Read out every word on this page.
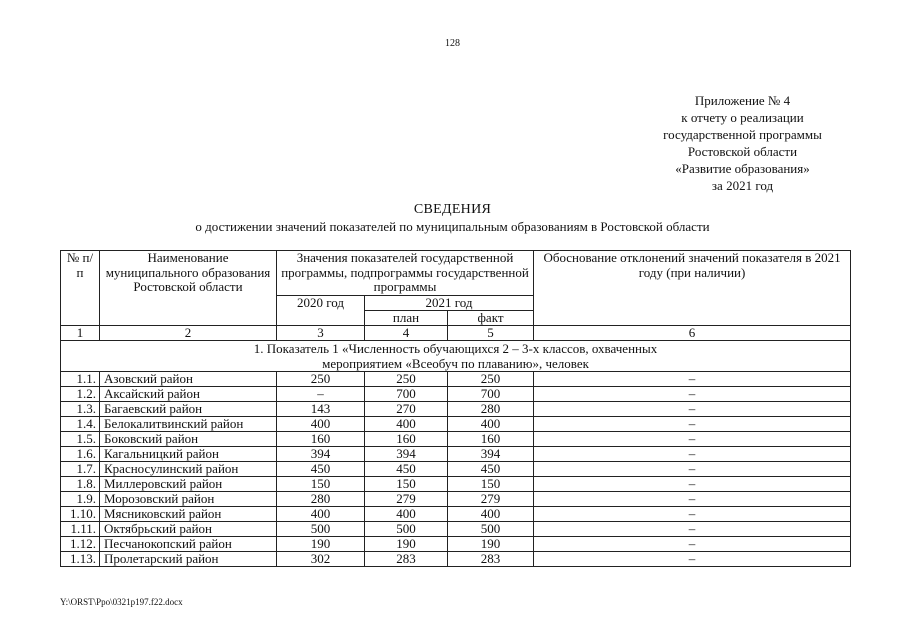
128
Приложение № 4
к отчету о реализации
государственной программы
Ростовской области
«Развитие образования»
за 2021 год
СВЕДЕНИЯ
о достижении значений показателей по муниципальным образованиям в Ростовской области
№ п/п	Наименование муниципального образования Ростовской области	Значения показателей государственной программы, подпрограммы государственной программы			Обоснование отклонений значений показателя в 2021 году (при наличии)
		2020 год	2021 год		
			план	факт	
1	2	3	4	5	6

1. Показатель 1 «Численность обучающихся 2 – 3-х классов, охваченных мероприятием «Всеобуч по плаванию», человек					

1.1.	Азовский район	250	250	250	–
1.2.	Аксайский район	–	700	700	–
1.3.	Багаевский район	143	270	280	–
1.4.	Белокалитвинский район	400	400	400	–
1.5.	Боковский район	160	160	160	–
1.6.	Кагальницкий район	394	394	394	–
1.7.	Красносулинский район	450	450	450	–
1.8.	Миллеровский район	150	150	150	–
1.9.	Морозовский район	280	279	279	–
1.10.	Мясниковский район	400	400	400	–
1.11.	Октябрьский район	500	500	500	–
1.12.	Песчанокопский район	190	190	190	–
1.13.	Пролетарский район	302	283	283	–
Y:\ORST\Ppo\0321p197.f22.docx
